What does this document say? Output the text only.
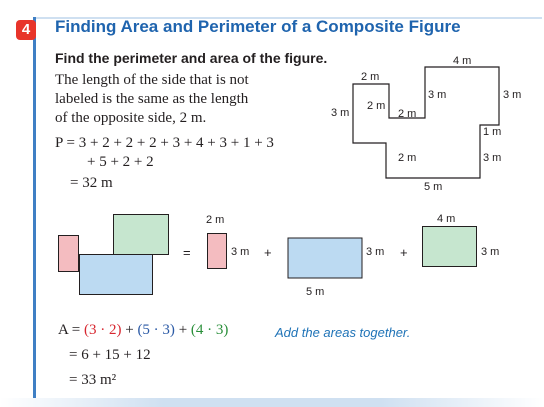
4	Finding Area and Perimeter of a Composite Figure
Find the perimeter and area of the figure.
The length of the side that is not
labeled is the same as the length
of the opposite side, 2 m.
P = 3 + 2 + 2 + 2 + 3 + 4 + 3 + 1 + 3
+ 5 + 2 + 2
= 32 m
2 m
3 m
2 m
2 m
3 m
4 m
3 m
1 m
3 m
2 m
5 m
=
2 m
3 m +	3 m
5 m
+
4 m
3 m
A = (3 · 2) + (5 · 3) + (4 · 3)	Add the areas together.
= 6 + 15 + 12
= 33 m²
